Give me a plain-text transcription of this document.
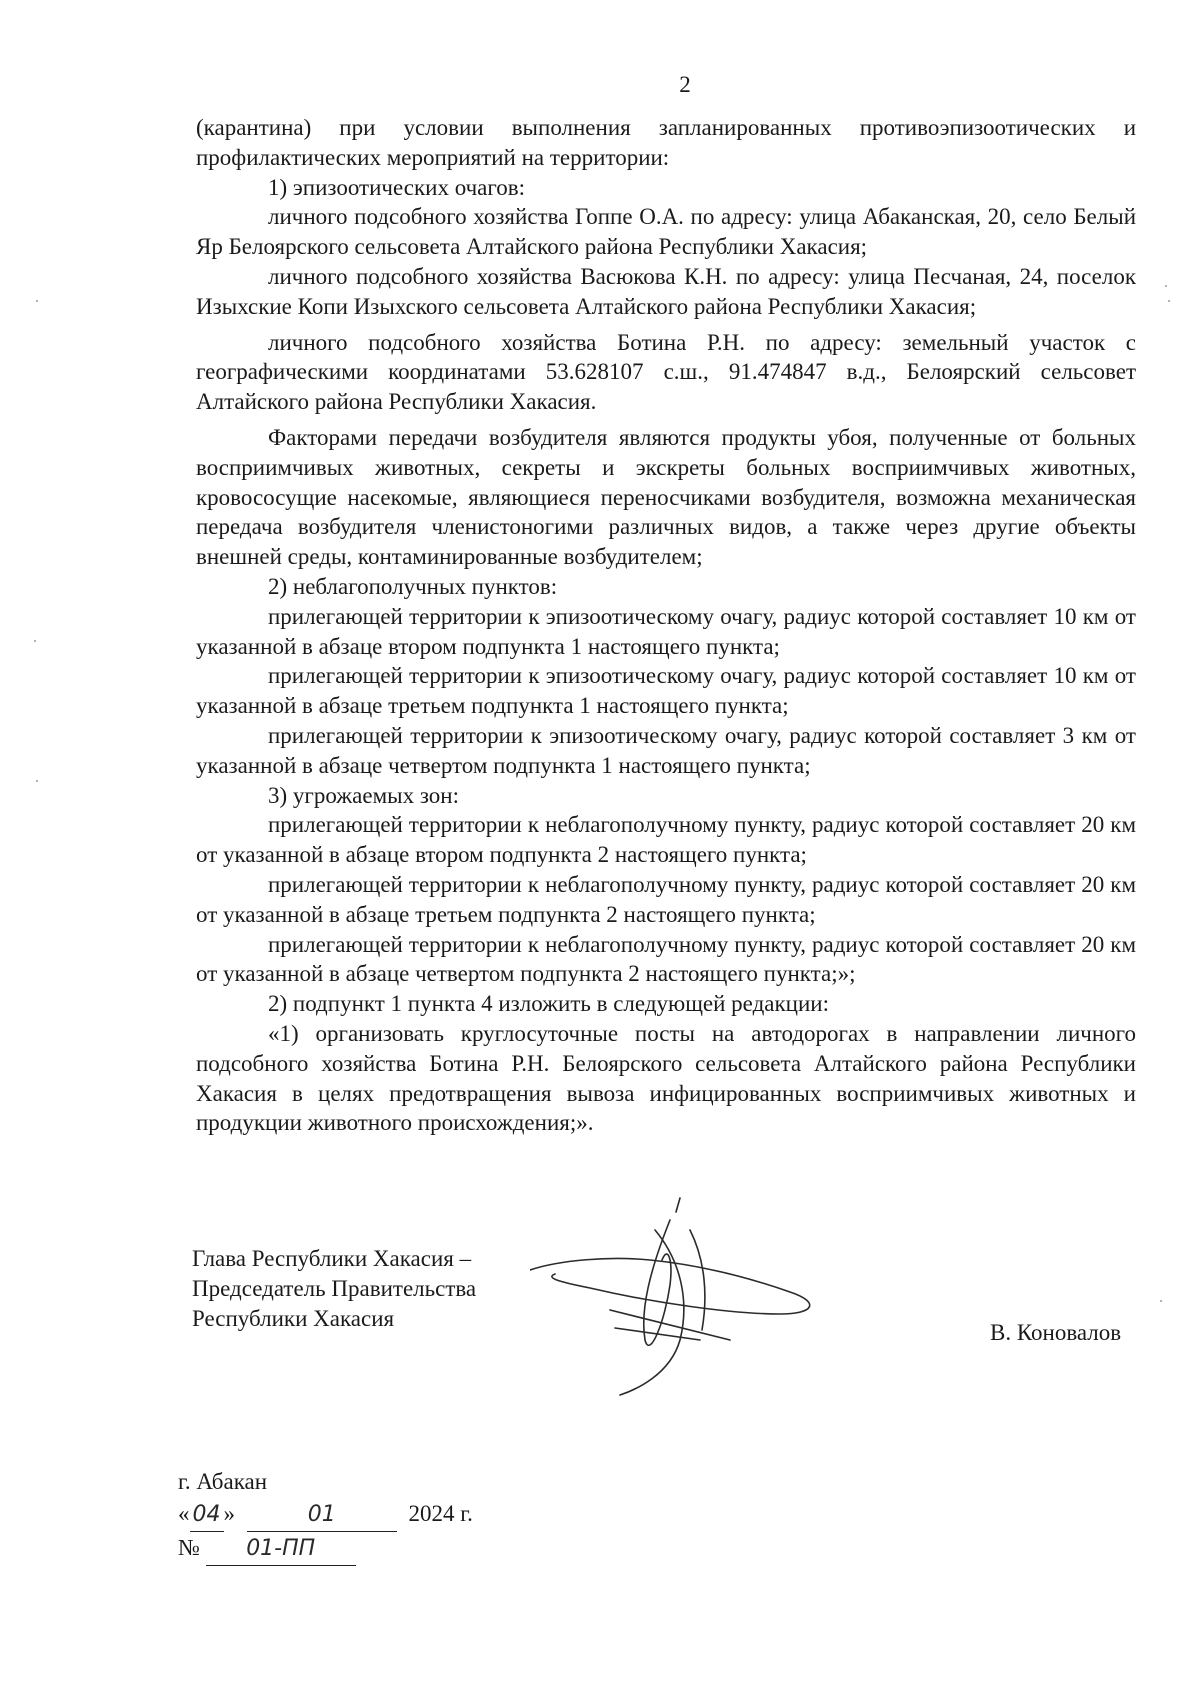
2

(карантина) при условии выполнения запланированных противоэпизоотических и профилактических мероприятий на территории:

1) эпизоотических очагов:

личного подсобного хозяйства Гоппе О.А. по адресу: улица Абаканская, 20, село Белый Яр Белоярского сельсовета Алтайского района Республики Хакасия;

личного подсобного хозяйства Васюкова К.Н. по адресу: улица Песчаная, 24, поселок Изыхские Копи Изыхского сельсовета Алтайского района Республики Хакасия;

личного подсобного хозяйства Ботина Р.Н. по адресу: земельный участок с географическими координатами 53.628107 с.ш., 91.474847 в.д., Белоярский сельсовет Алтайского района Республики Хакасия.

Факторами передачи возбудителя являются продукты убоя, полученные от больных восприимчивых животных, секреты и экскреты больных восприимчивых животных, кровососущие насекомые, являющиеся переносчиками возбудителя, возможна механическая передача возбудителя членистоногими различных видов, а также через другие объекты внешней среды, контаминированные возбудителем;

2) неблагополучных пунктов:

прилегающей территории к эпизоотическому очагу, радиус которой составляет 10 км от указанной в абзаце втором подпункта 1 настоящего пункта;

прилегающей территории к эпизоотическому очагу, радиус которой составляет 10 км от указанной в абзаце третьем подпункта 1 настоящего пункта;

прилегающей территории к эпизоотическому очагу, радиус которой составляет 3 км от указанной в абзаце четвертом подпункта 1 настоящего пункта;

3) угрожаемых зон:

прилегающей территории к неблагополучному пункту, радиус которой составляет 20 км от указанной в абзаце втором подпункта 2 настоящего пункта;

прилегающей территории к неблагополучному пункту, радиус которой составляет 20 км от указанной в абзаце третьем подпункта 2 настоящего пункта;

прилегающей территории к неблагополучному пункту, радиус которой составляет 20 км от указанной в абзаце четвертом подпункта 2 настоящего пункта;»;

2) подпункт 1 пункта 4 изложить в следующей редакции:

«1) организовать круглосуточные посты на автодорогах в направлении личного подсобного хозяйства Ботина Р.Н. Белоярского сельсовета Алтайского района Республики Хакасия в целях предотвращения вывоза инфицированных восприимчивых животных и продукции животного происхождения;».

Глава Республики Хакасия –
Председатель Правительства
Республики Хакасия
В. Коновалов
г. Абакан
« 04 »	01	2024 г.
№ 01-ПП
